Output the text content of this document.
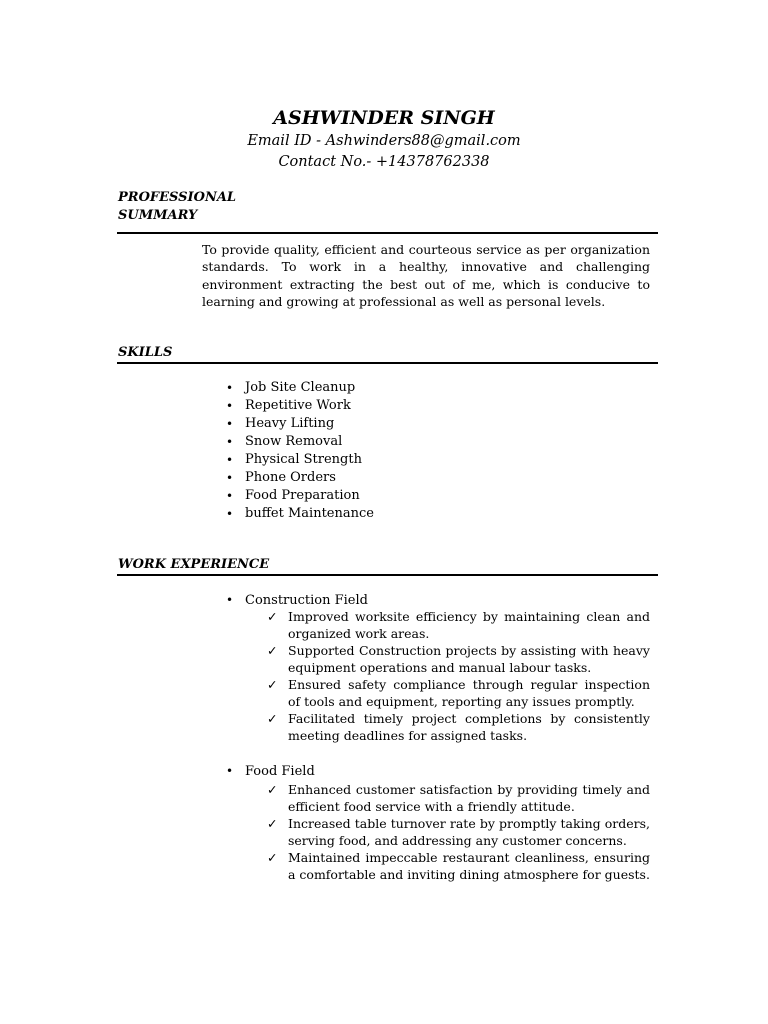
ASHWINDER SINGH
Email ID - Ashwinders88@gmail.com
Contact No.- +14378762338
PROFESSIONAL
SUMMARY
To provide quality, efficient and courteous service as per organization standards. To work in a healthy, innovative and challenging environment extracting the best out of me, which is conducive to learning and growing at professional as well as personal levels.
SKILLS
• Job Site Cleanup
• Repetitive Work
• Heavy Lifting
• Snow Removal
• Physical Strength
• Phone Orders
• Food Preparation
• buffet Maintenance
WORK EXPERIENCE
• Construction Field
✓ Improved worksite efficiency by maintaining clean and organized work areas.
✓ Supported Construction projects by assisting with heavy equipment operations and manual labour tasks.
✓ Ensured safety compliance through regular inspection of tools and equipment, reporting any issues promptly.
✓ Facilitated timely project completions by consistently meeting deadlines for assigned tasks.
• Food Field
✓ Enhanced customer satisfaction by providing timely and efficient food service with a friendly attitude.
✓ Increased table turnover rate by promptly taking orders, serving food, and addressing any customer concerns.
✓ Maintained impeccable restaurant cleanliness, ensuring a comfortable and inviting dining atmosphere for guests.
